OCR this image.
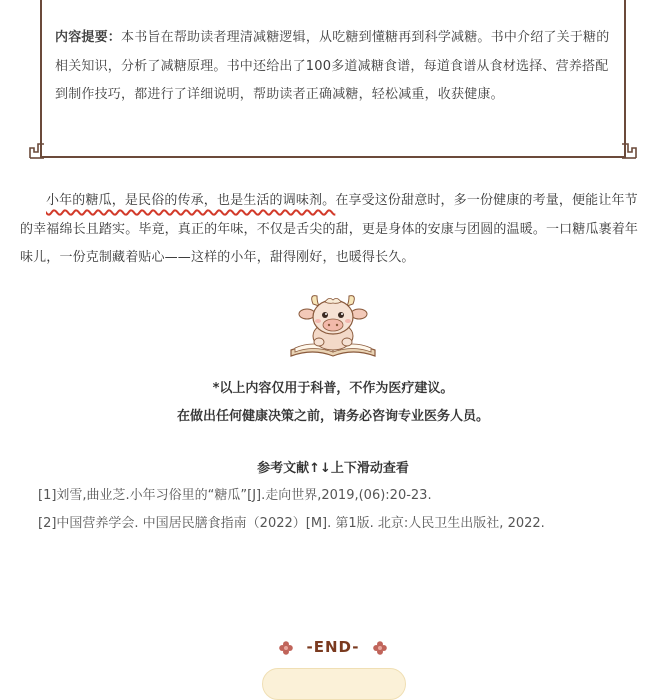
内容提要：本书旨在帮助读者理清减糖逻辑，从吃糖到懂糖再到科学减糖。书中介绍了关于糖的相关知识，分析了减糖原理。书中还给出了100多道减糖食谱，每道食谱从食材选择、营养搭配到制作技巧，都进行了详细说明，帮助读者正确减糖，轻松减重，收获健康。
小年的糖瓜，是民俗的传承，也是生活的调味剂。在享受这份甜意时，多一份健康的考量，便能让年节的幸福绵长且踏实。毕竟，真正的年味，不仅是舌尖的甜，更是身体的安康与团圆的温暖。一口糖瓜裹着年味儿，一份克制藏着贴心——这样的小年，甜得刚好，也暖得长久。
*以上内容仅用于科普，不作为医疗建议。
在做出任何健康决策之前，请务必咨询专业医务人员。
参考文献↑↓上下滑动查看
[1]刘雪,曲业芝.小年习俗里的“糖瓜”[J].走向世界,2019,(06):20-23.
[2]中国营养学会. 中国居民膳食指南（2022）[M]. 第1版. 北京:人民卫生出版社, 2022.
-END-
